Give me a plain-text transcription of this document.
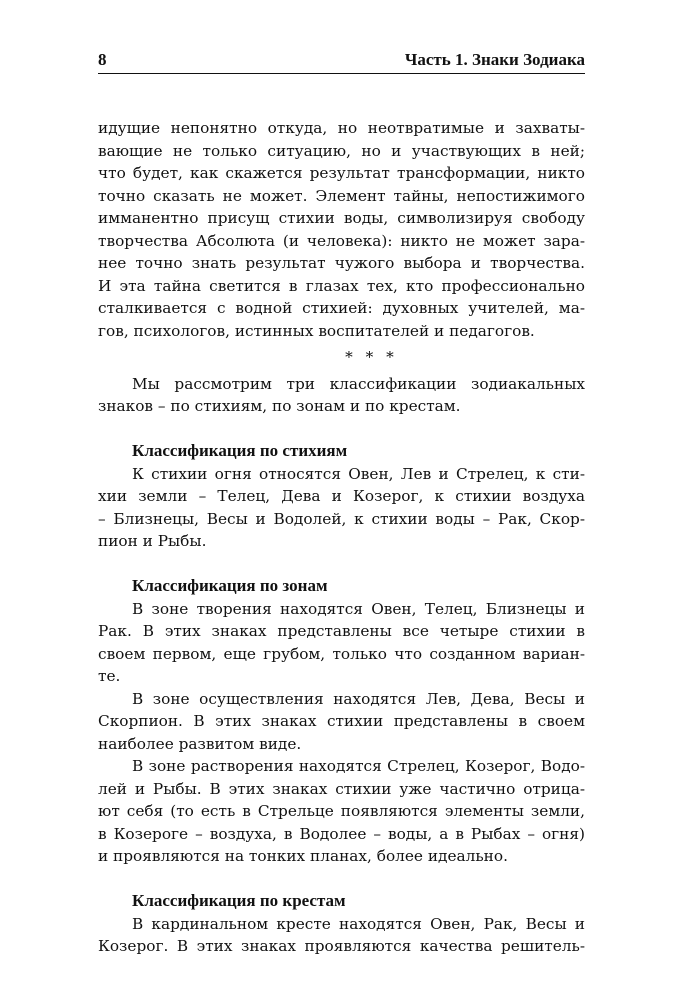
8	Часть 1. Знаки Зодиака
идущие непонятно откуда, но неотвратимые и захваты-
вающие не только ситуацию, но и участвующих в ней;
что будет, как скажется результат трансформации, никто
точно сказать не может. Элемент тайны, непостижимого
имманентно присущ стихии воды, символизируя свободу
творчества Абсолюта (и человека): никто не может зара-
нее точно знать результат чужого выбора и творчества.
И эта тайна светится в глазах тех, кто профессионально
сталкивается с водной стихией: духовных учителей, ма-
гов, психологов, истинных воспитателей и педагогов.
* * *
Мы рассмотрим три классификации зодиакальных
знаков – по стихиям, по зонам и по крестам.
Классификация по стихиям
К стихии огня относятся Овен, Лев и Стрелец, к сти-
хии земли – Телец, Дева и Козерог, к стихии воздуха
– Близнецы, Весы и Водолей, к стихии воды – Рак, Скор-
пион и Рыбы.
Классификация по зонам
В зоне творения находятся Овен, Телец, Близнецы и
Рак. В этих знаках представлены все четыре стихии в
своем первом, еще грубом, только что созданном вариан-
те.
В зоне осуществления находятся Лев, Дева, Весы и
Скорпион. В этих знаках стихии представлены в своем
наиболее развитом виде.
В зоне растворения находятся Стрелец, Козерог, Водо-
лей и Рыбы. В этих знаках стихии уже частично отрица-
ют себя (то есть в Стрельце появляются элементы земли,
в Козероге – воздуха, в Водолее – воды, а в Рыбах – огня)
и проявляются на тонких планах, более идеально.
Классификация по крестам
В кардинальном кресте находятся Овен, Рак, Весы и
Козерог. В этих знаках проявляются качества решитель-
